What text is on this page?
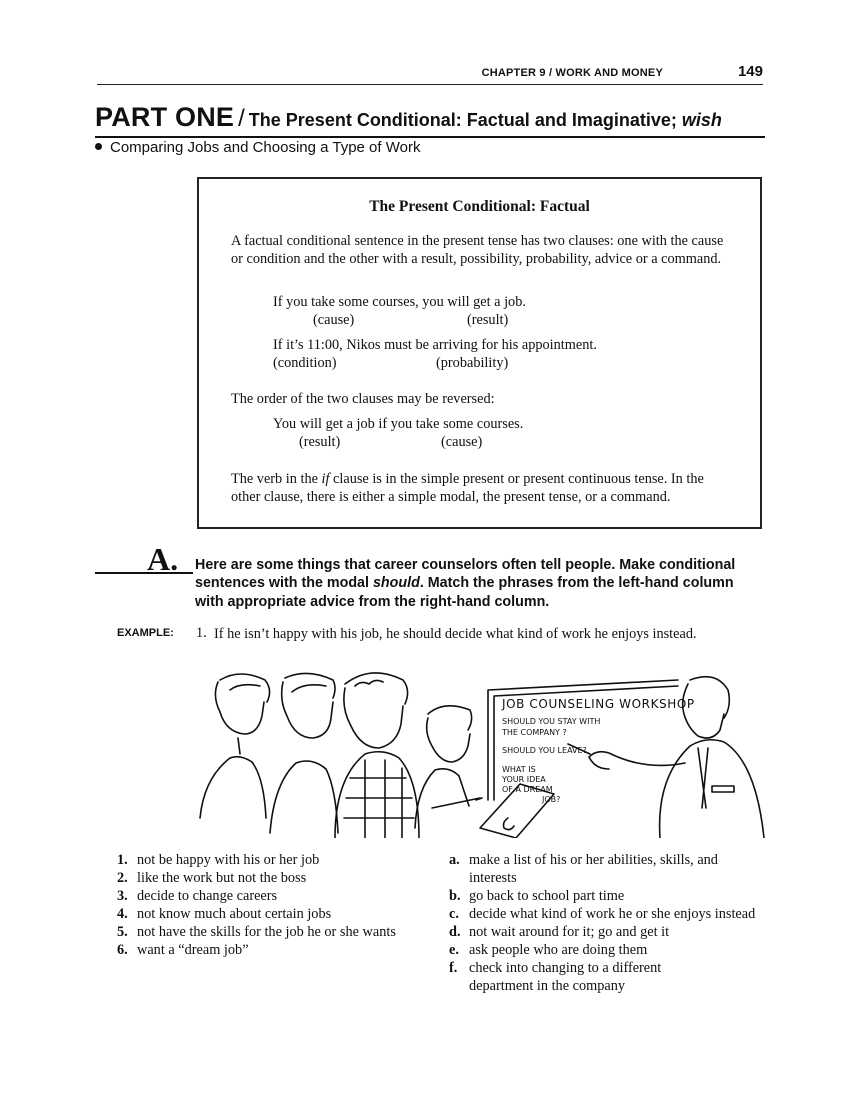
CHAPTER 9 / WORK AND MONEY	149
PART ONE / The Present Conditional: Factual and Imaginative; wish
Comparing Jobs and Choosing a Type of Work
The Present Conditional: Factual
A factual conditional sentence in the present tense has two clauses: one with the cause or condition and the other with a result, possibility, probability, advice or a command.
If you take some courses, you will get a job.
(cause)	(result)
If it’s 11:00, Nikos must be arriving for his appointment.
(condition)	(probability)
The order of the two clauses may be reversed:
You will get a job if you take some courses.
(result)	(cause)
The verb in the if clause is in the simple present or present continuous tense. In the other clause, there is either a simple modal, the present tense, or a command.
A. Here are some things that career counselors often tell people. Make conditional sentences with the modal should. Match the phrases from the left-hand column with appropriate advice from the right-hand column.
EXAMPLE: 1. If he isn’t happy with his job, he should decide what kind of work he enjoys instead.
JOB COUNSELING WORKSHOP
SHOULD YOU STAY WITH
THE COMPANY ?
SHOULD YOU LEAVE?
WHAT IS
YOUR IDEA
OF A DREAM
JOB?
1. not be happy with his or her job
2. like the work but not the boss
3. decide to change careers
4. not know much about certain jobs
5. not have the skills for the job he or she wants
6. want a “dream job”
a. make a list of his or her abilities, skills, and interests
b. go back to school part time
c. decide what kind of work he or she enjoys instead
d. not wait around for it; go and get it
e. ask people who are doing them
f. check into changing to a different department in the company
